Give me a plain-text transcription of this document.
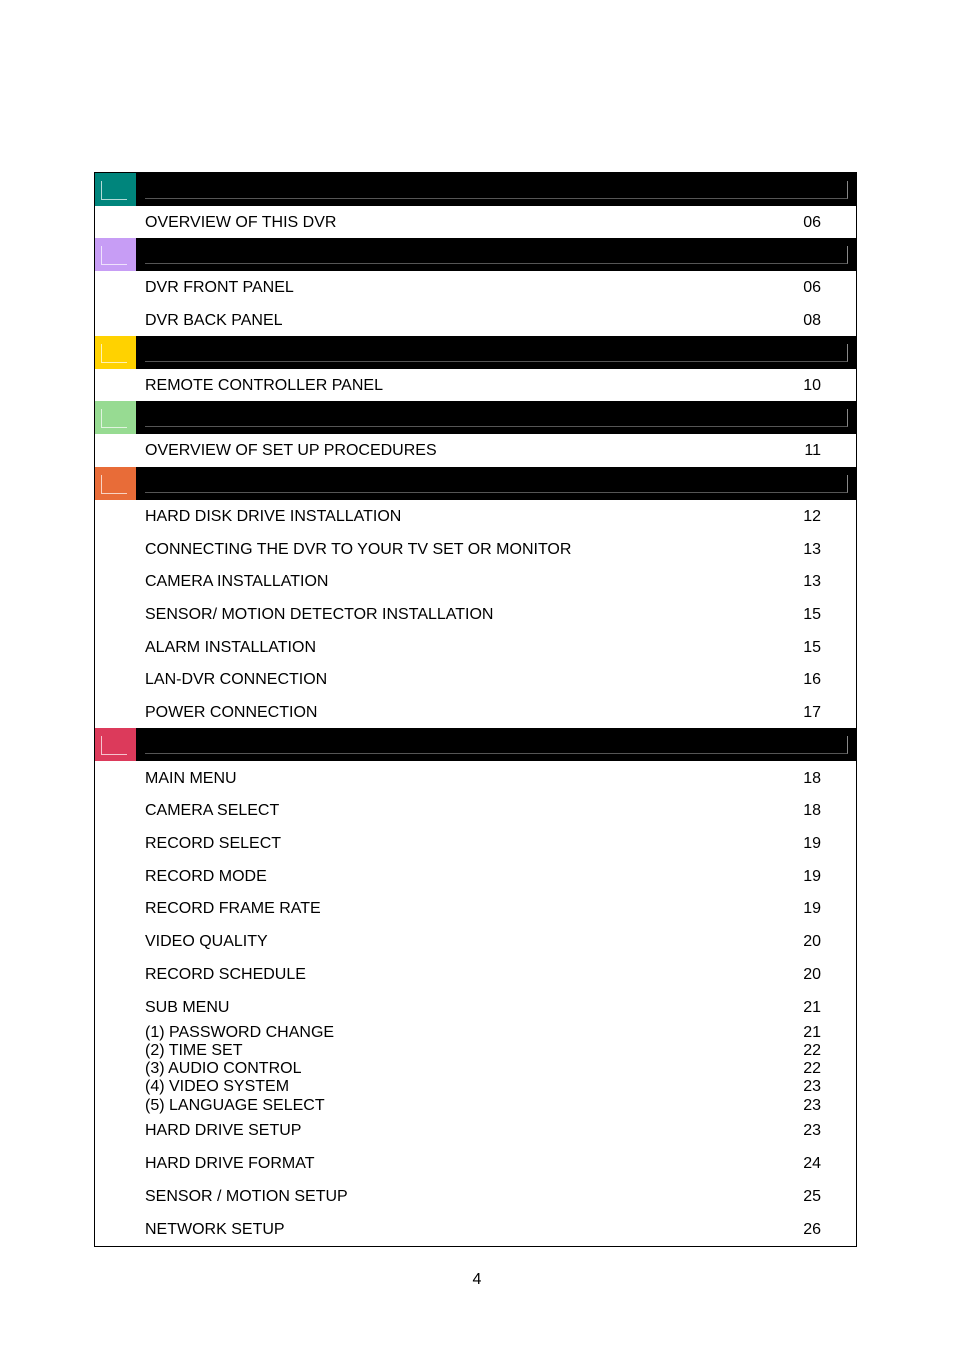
OVERVIEW OF THIS DVR	06
DVR FRONT PANEL	06
DVR BACK PANEL	08
REMOTE CONTROLLER PANEL	10
OVERVIEW OF SET UP PROCEDURES	11
HARD DISK DRIVE INSTALLATION	12
CONNECTING THE DVR TO YOUR TV SET OR MONITOR	13
CAMERA INSTALLATION	13
SENSOR/ MOTION DETECTOR INSTALLATION	15
ALARM INSTALLATION	15
LAN-DVR CONNECTION	16
POWER CONNECTION	17
MAIN MENU	18
CAMERA SELECT	18
RECORD SELECT	19
RECORD MODE	19
RECORD FRAME RATE	19
VIDEO QUALITY	20
RECORD SCHEDULE	20
SUB MENU	21
(1) PASSWORD CHANGE	21
(2) TIME SET	22
(3) AUDIO CONTROL	22
(4) VIDEO SYSTEM	23
(5) LANGUAGE SELECT	23
HARD DRIVE SETUP	23
HARD DRIVE FORMAT	24
SENSOR / MOTION SETUP	25
NETWORK SETUP	26
4
